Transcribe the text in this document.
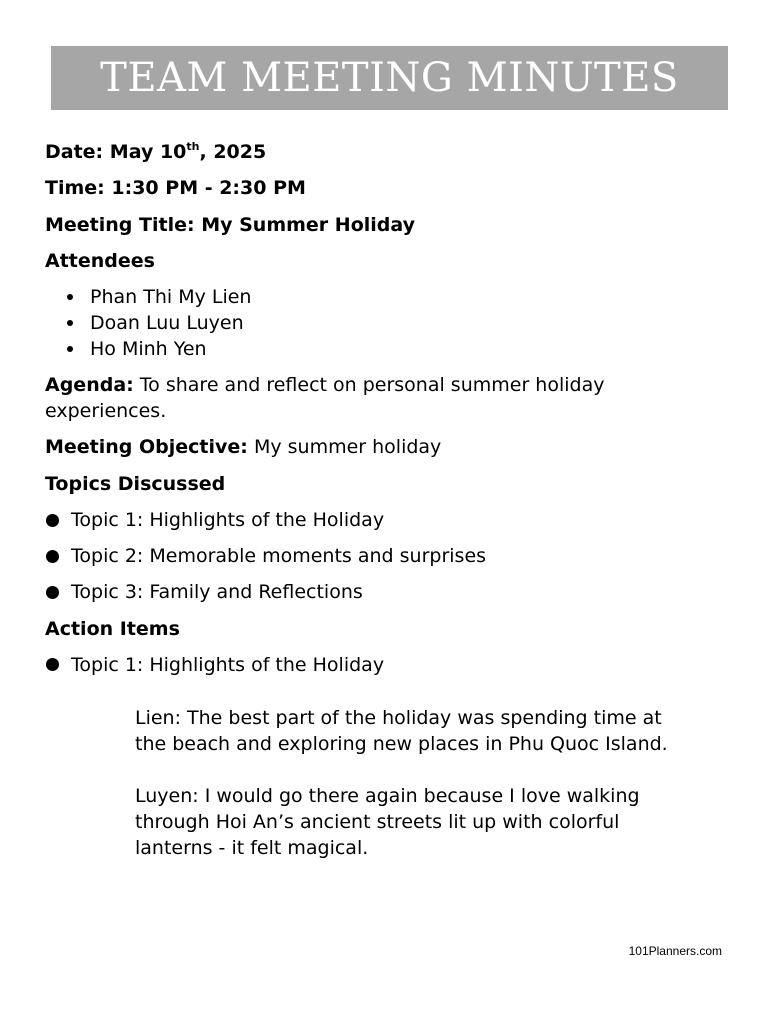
TEAM MEETING MINUTES
Date: May 10th, 2025
Time: 1:30 PM - 2:30 PM
Meeting Title: My Summer Holiday
Attendees
Phan Thi My Lien
Doan Luu Luyen
Ho Minh Yen
Agenda: To share and reflect on personal summer holiday
experiences.
Meeting Objective: My summer holiday
Topics Discussed
Topic 1: Highlights of the Holiday
Topic 2: Memorable moments and surprises
Topic 3: Family and Reflections
Action Items
Topic 1: Highlights of the Holiday
Lien: The best part of the holiday was spending time at
the beach and exploring new places in Phu Quoc Island.
Luyen: I would go there again because I love walking
through Hoi An’s ancient streets lit up with colorful
lanterns - it felt magical.
101Planners.com
